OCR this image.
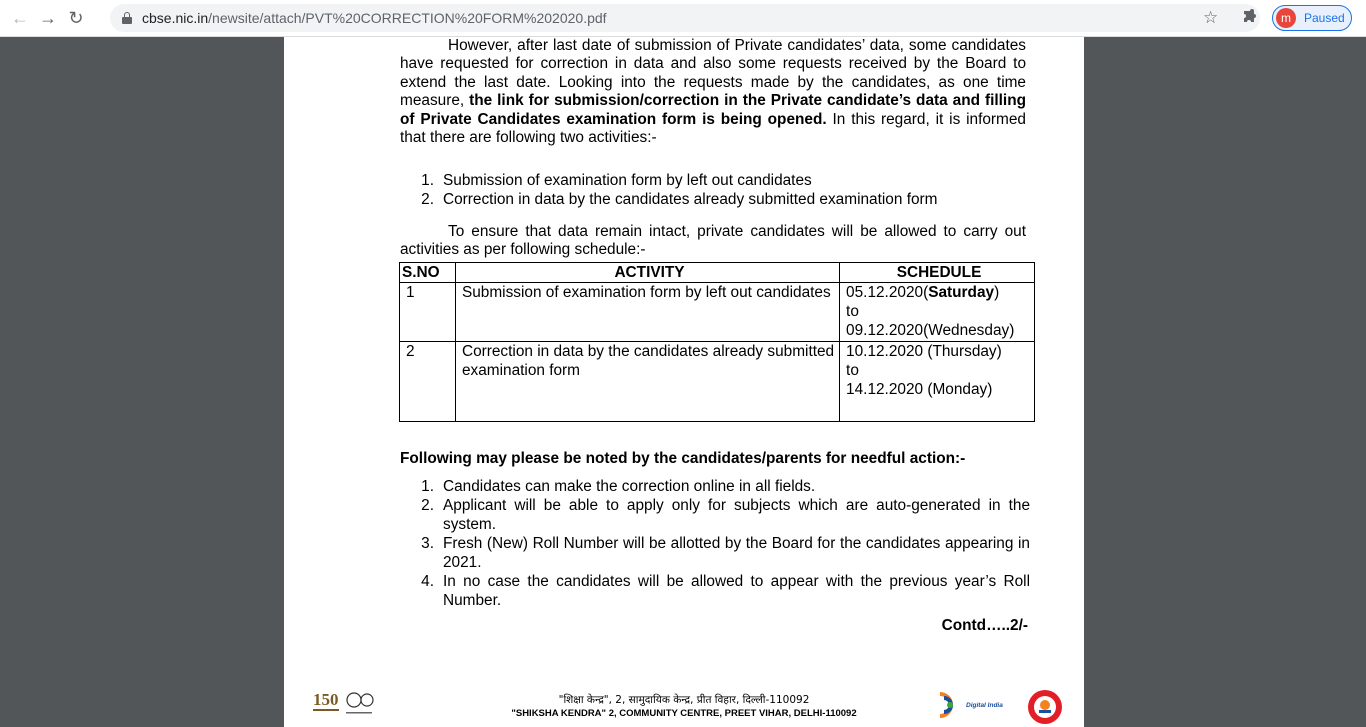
← → ↻	cbse.nic.in/newsite/attach/PVT%20CORRECTION%20FORM%202020.pdf	☆	m	Paused

However, after last date of submission of Private candidates’ data, some candidates have requested for correction in data and also some requests received by the Board to extend the last date. Looking into the requests made by the candidates, as one time measure, the link for submission/correction in the Private candidate’s data and filling of Private Candidates examination form is being opened. In this regard, it is informed that there are following two activities:-

1. Submission of examination form by left out candidates
2. Correction in data by the candidates already submitted examination form

To ensure that data remain intact, private candidates will be allowed to carry out activities as per following schedule:-

S.NO	ACTIVITY	SCHEDULE
1	Submission of examination form by left out candidates	05.12.2020(Saturday)
to
09.12.2020(Wednesday)
2	Correction in data by the candidates already submitted examination form	10.12.2020 (Thursday)
to
14.12.2020 (Monday)
Following may please be noted by the candidates/parents for needful action:-
1. Candidates can make the correction online in all fields.
2. Applicant will be able to apply only for subjects which are auto-generated in the system.
3. Fresh (New) Roll Number will be allotted by the Board for the candidates appearing in 2021.
4. In no case the candidates will be allowed to appear with the previous year’s Roll Number.
Contd…..2/-
150	"शिक्षा केन्द्र", 2, सामुदायिक केन्द्र, प्रीत विहार, दिल्ली-110092
"SHIKSHA KENDRA" 2, COMMUNITY CENTRE, PREET VIHAR, DELHI-110092
Digital India
